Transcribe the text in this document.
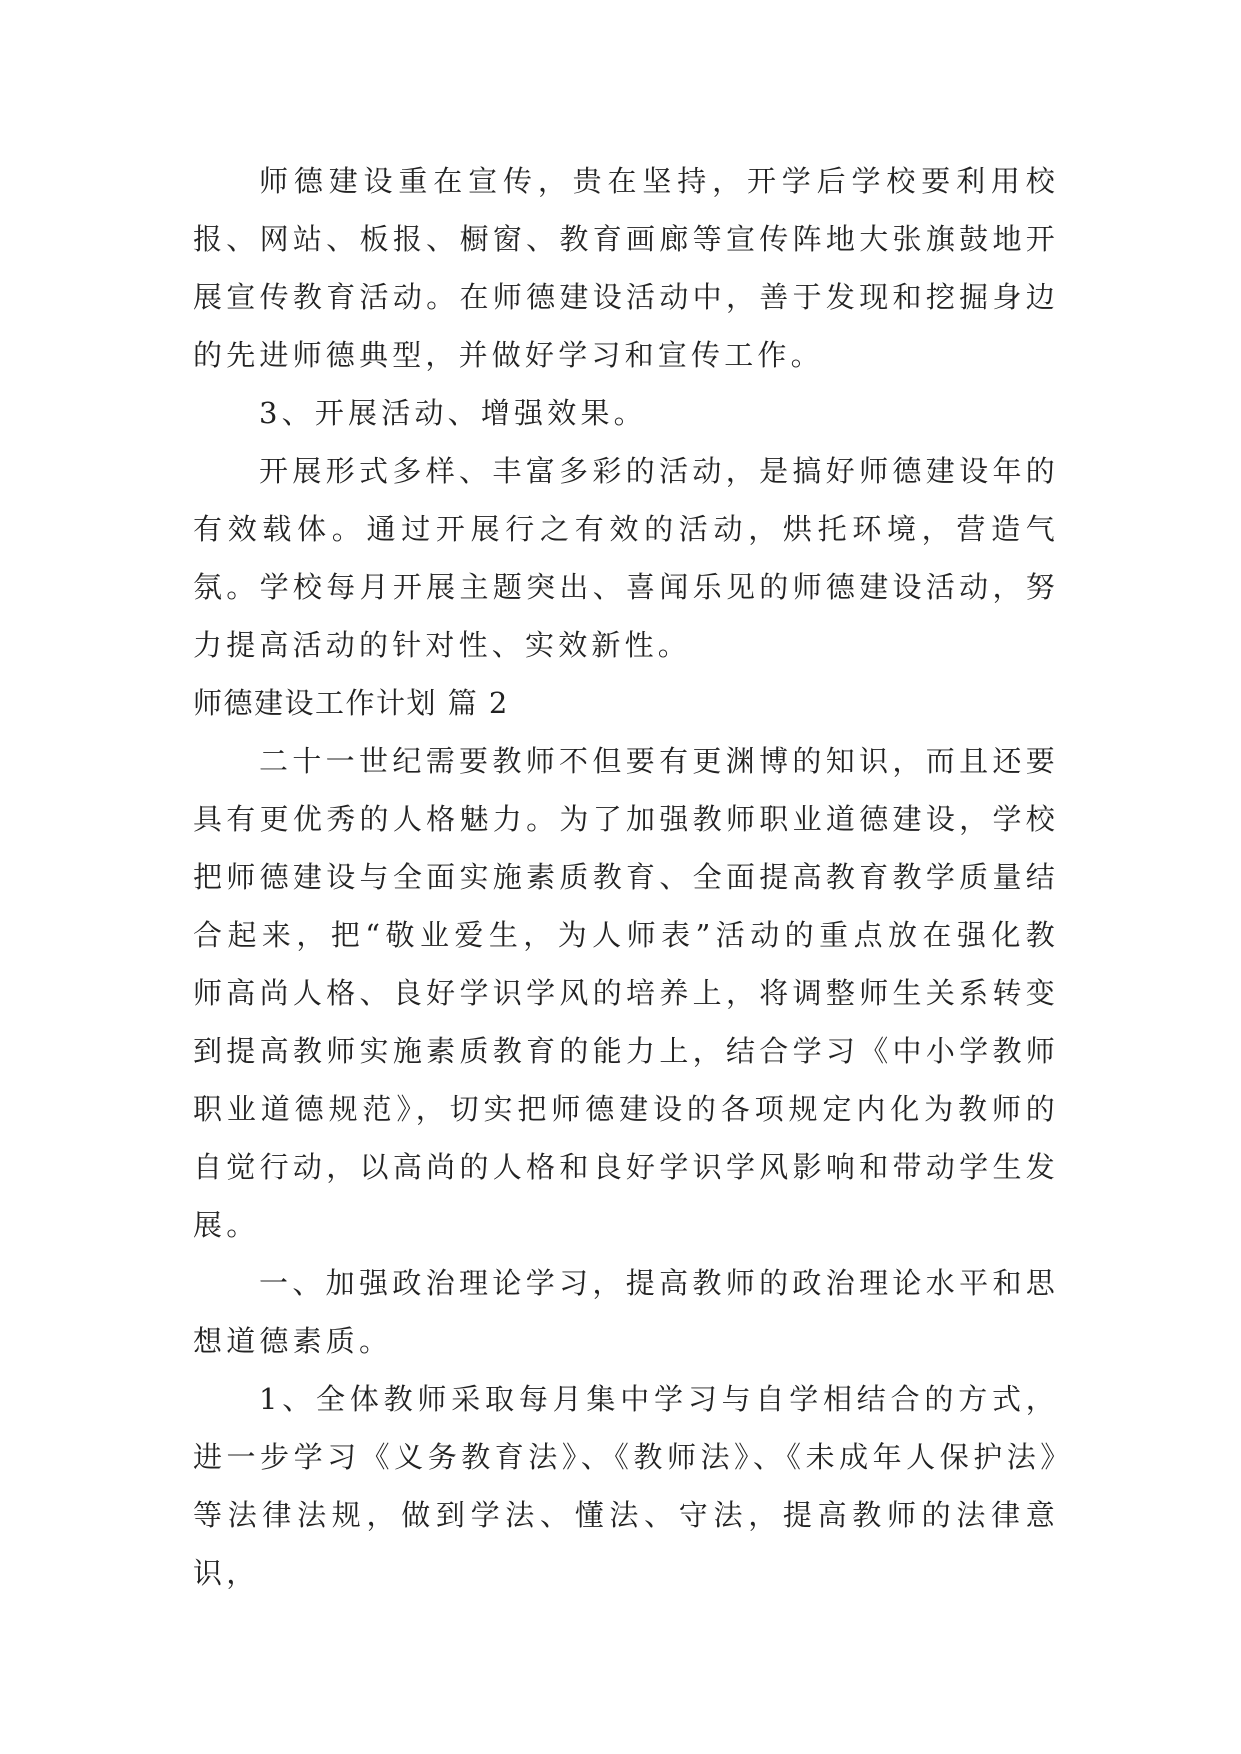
师德建设重在宣传，贵在坚持，开学后学校要利用校报、网站、板报、橱窗、教育画廊等宣传阵地大张旗鼓地开展宣传教育活动。在师德建设活动中，善于发现和挖掘身边的先进师德典型，并做好学习和宣传工作。

3、开展活动、增强效果。

开展形式多样、丰富多彩的活动，是搞好师德建设年的有效载体。通过开展行之有效的活动，烘托环境，营造气氛。学校每月开展主题突出、喜闻乐见的师德建设活动，努力提高活动的针对性、实效新性。

师德建设工作计划 篇 2

二十一世纪需要教师不但要有更渊博的知识，而且还要具有更优秀的人格魅力。为了加强教师职业道德建设，学校把师德建设与全面实施素质教育、全面提高教育教学质量结合起来，把“敬业爱生，为人师表”活动的重点放在强化教师高尚人格、良好学识学风的培养上，将调整师生关系转变到提高教师实施素质教育的能力上，结合学习《中小学教师职业道德规范》，切实把师德建设的各项规定内化为教师的自觉行动，以高尚的人格和良好学识学风影响和带动学生发展。

一、加强政治理论学习，提高教师的政治理论水平和思想道德素质。

1、全体教师采取每月集中学习与自学相结合的方式，进一步学习《义务教育法》、《教师法》、《未成年人保护法》等法律法规，做到学法、懂法、守法，提高教师的法律意识，
